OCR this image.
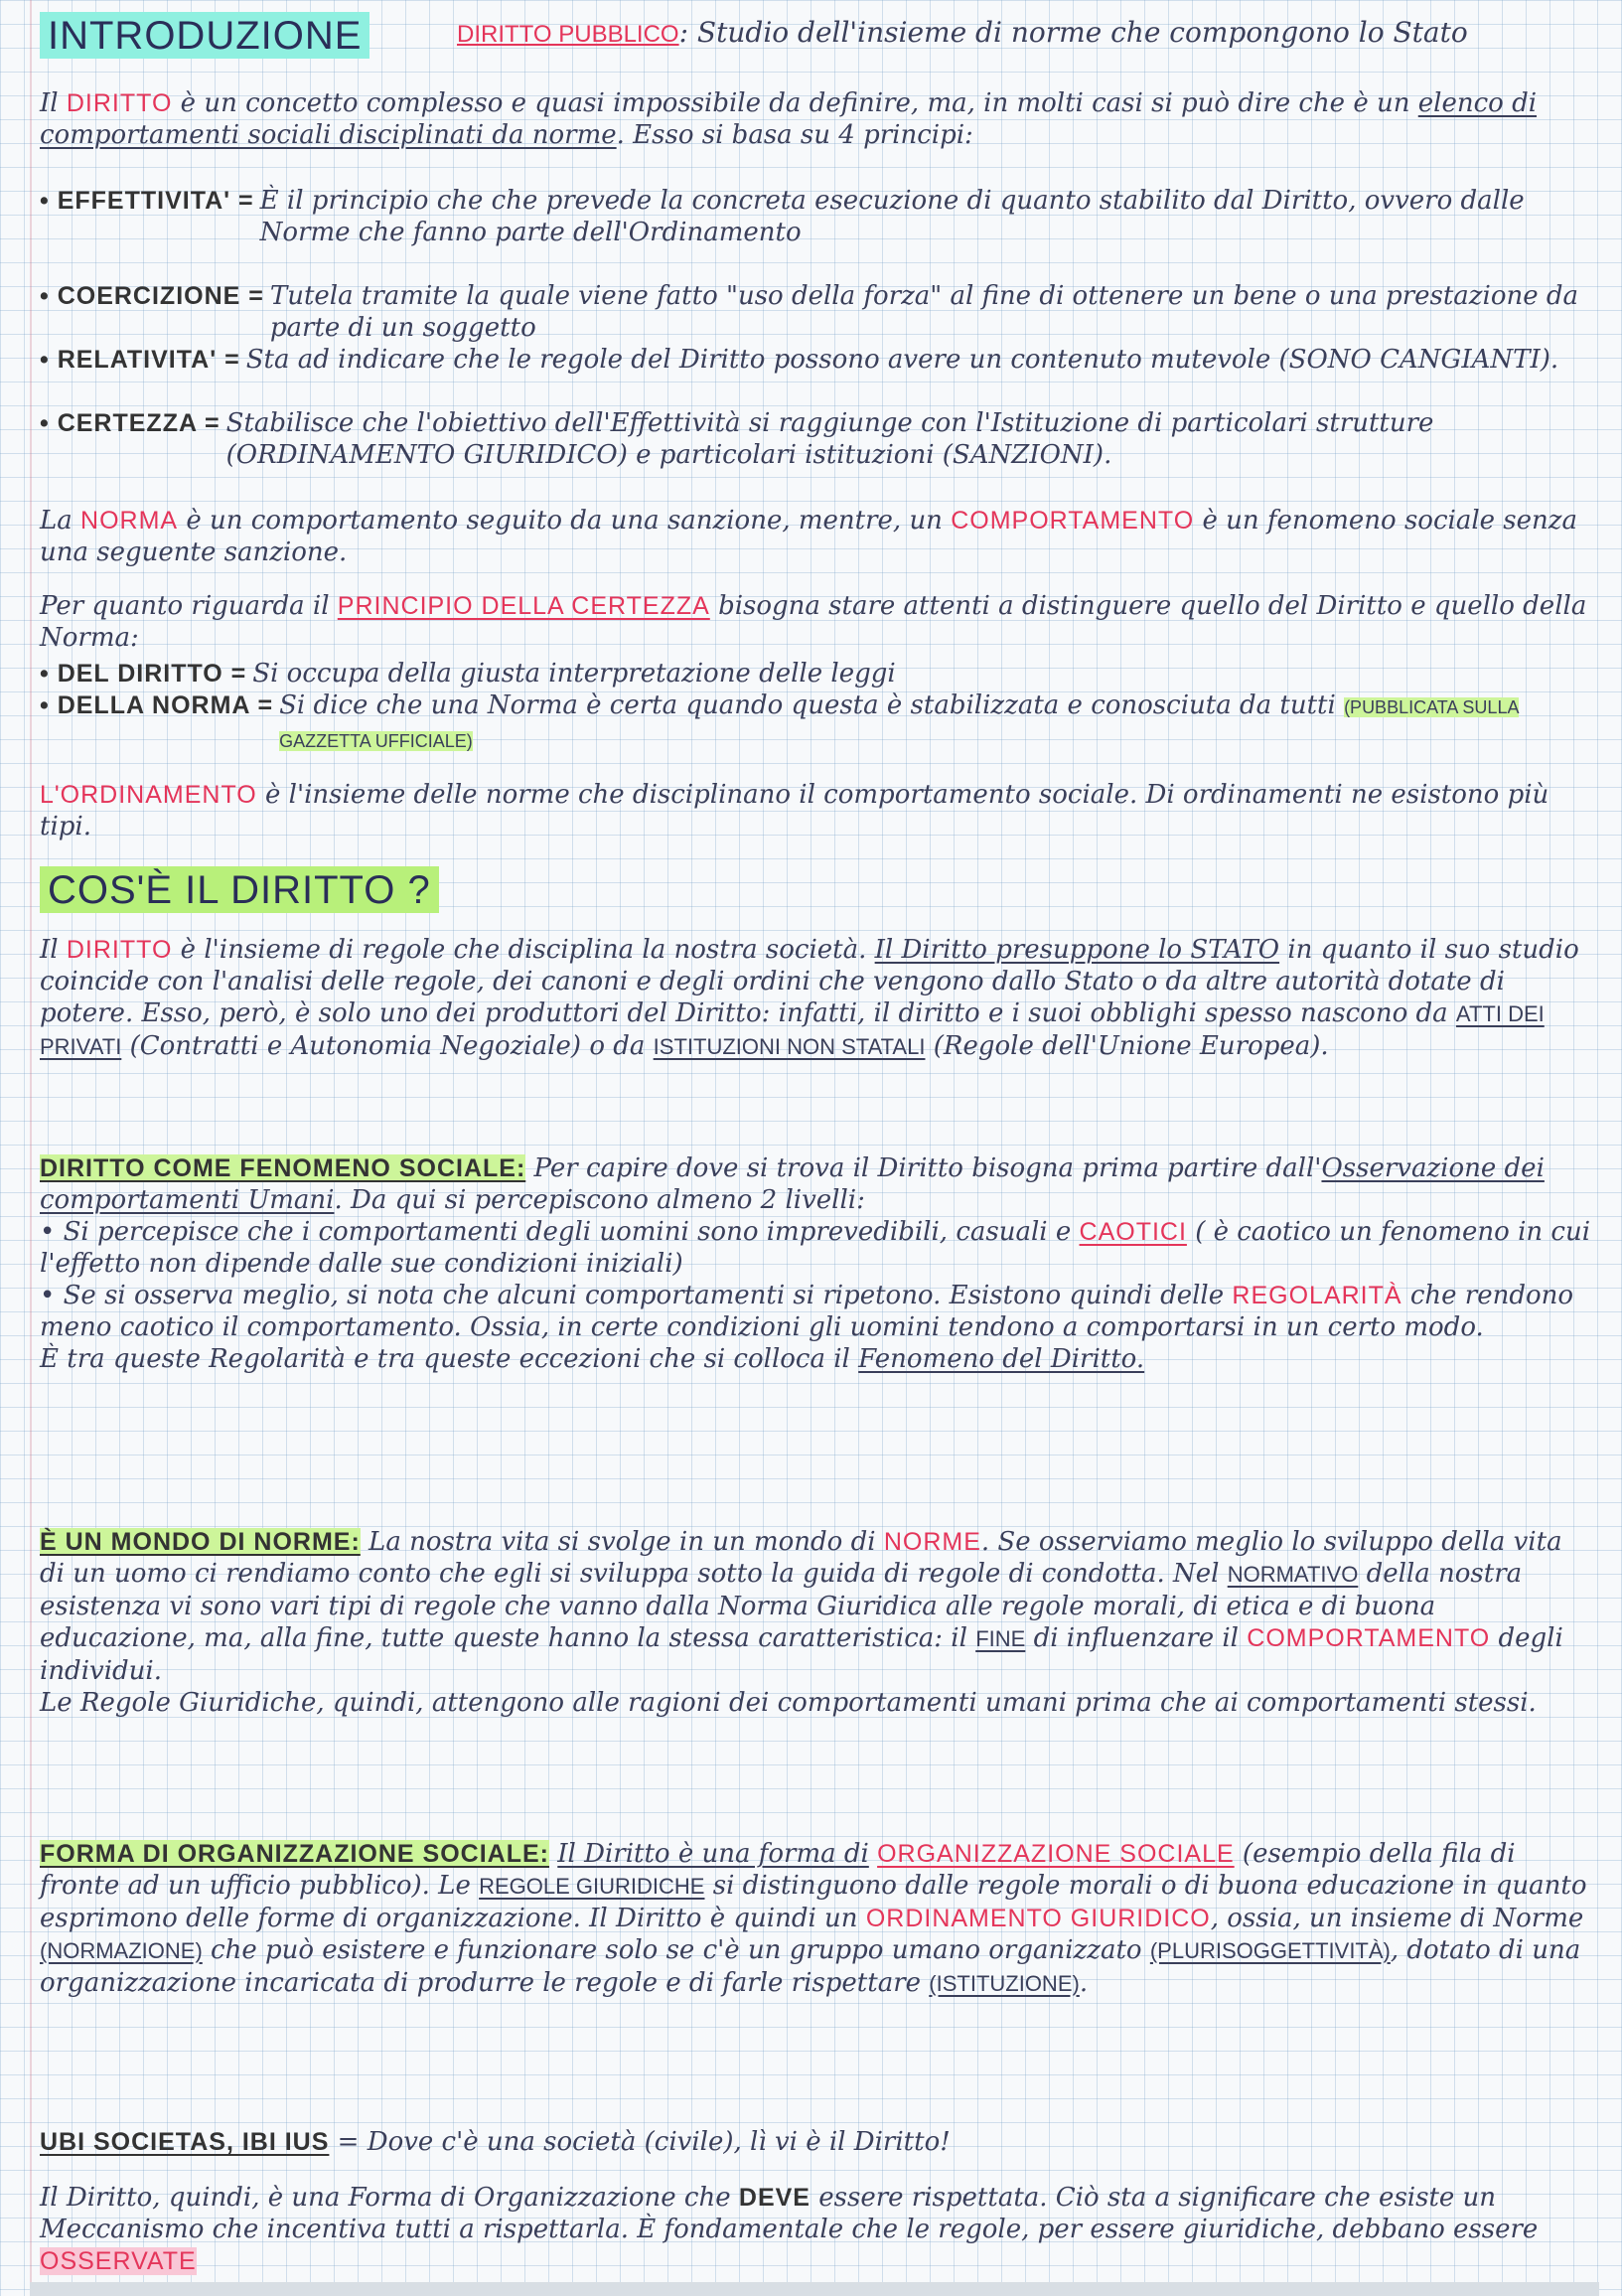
INTRODUZIONE	DIRITTO PUBBLICO: Studio dell'insieme di norme che compongono lo Stato

Il DIRITTO è un concetto complesso e quasi impossibile da definire, ma, in molti casi si può dire che è un elenco di comportamenti sociali disciplinati da norme. Esso si basa su 4 principi:

• EFFETTIVITA' = È il principio che che prevede la concreta esecuzione di quanto stabilito dal Diritto, ovvero dalle Norme che fanno parte dell'Ordinamento
• COERCIZIONE = Tutela tramite la quale viene fatto "uso della forza" al fine di ottenere un bene o una prestazione da parte di un soggetto
• RELATIVITA' = Sta ad indicare che le regole del Diritto possono avere un contenuto mutevole (SONO CANGIANTI).
• CERTEZZA = Stabilisce che l'obiettivo dell'Effettività si raggiunge con l'Istituzione di particolari strutture (ORDINAMENTO GIURIDICO) e particolari istituzioni (SANZIONI).

La NORMA è un comportamento seguito da una sanzione, mentre, un COMPORTAMENTO è un fenomeno sociale senza una seguente sanzione.

Per quanto riguarda il PRINCIPIO DELLA CERTEZZA bisogna stare attenti a distinguere quello del Diritto e quello della Norma:

• DEL DIRITTO = Si occupa della giusta interpretazione delle leggi
• DELLA NORMA = Si dice che una Norma è certa quando questa è stabilizzata e conosciuta da tutti (PUBBLICATA SULLA GAZZETTA UFFICIALE)

L'ORDINAMENTO è l'insieme delle norme che disciplinano il comportamento sociale. Di ordinamenti ne esistono più tipi.

COS'È IL DIRITTO ?

Il DIRITTO è l'insieme di regole che disciplina la nostra società. Il Diritto presuppone lo STATO in quanto il suo studio coincide con l'analisi delle regole, dei canoni e degli ordini che vengono dallo Stato o da altre autorità dotate di potere. Esso, però, è solo uno dei produttori del Diritto: infatti, il diritto e i suoi obblighi spesso nascono da ATTI DEI PRIVATI (Contratti e Autonomia Negoziale) o da ISTITUZIONI NON STATALI (Regole dell'Unione Europea).

DIRITTO COME FENOMENO SOCIALE: Per capire dove si trova il Diritto bisogna prima partire dall'Osservazione dei comportamenti Umani. Da qui si percepiscono almeno 2 livelli:

• Si percepisce che i comportamenti degli uomini sono imprevedibili, casuali e CAOTICI ( è caotico un fenomeno in cui l'effetto non dipende dalle sue condizioni iniziali)

• Se si osserva meglio, si nota che alcuni comportamenti si ripetono. Esistono quindi delle REGOLARITÀ che rendono meno caotico il comportamento. Ossia, in certe condizioni gli uomini tendono a comportarsi in un certo modo.

È tra queste Regolarità e tra queste eccezioni che si colloca il Fenomeno del Diritto.

È UN MONDO DI NORME: La nostra vita si svolge in un mondo di NORME. Se osserviamo meglio lo sviluppo della vita di un uomo ci rendiamo conto che egli si sviluppa sotto la guida di regole di condotta. Nel NORMATIVO della nostra esistenza vi sono vari tipi di regole che vanno dalla Norma Giuridica alle regole morali, di etica e di buona educazione, ma, alla fine, tutte queste hanno la stessa caratteristica: il FINE di influenzare il COMPORTAMENTO degli individui.

Le Regole Giuridiche, quindi, attengono alle ragioni dei comportamenti umani prima che ai comportamenti stessi.

FORMA DI ORGANIZZAZIONE SOCIALE: Il Diritto è una forma di ORGANIZZAZIONE SOCIALE (esempio della fila di fronte ad un ufficio pubblico). Le REGOLE GIURIDICHE si distinguono dalle regole morali o di buona educazione in quanto esprimono delle forme di organizzazione. Il Diritto è quindi un ORDINAMENTO GIURIDICO, ossia, un insieme di Norme (NORMAZIONE) che può esistere e funzionare solo se c'è un gruppo umano organizzato (PLURISOGGETTIVITÀ), dotato di una organizzazione incaricata di produrre le regole e di farle rispettare (ISTITUZIONE).

UBI SOCIETAS, IBI IUS = Dove c'è una società (civile), lì vi è il Diritto!

Il Diritto, quindi, è una Forma di Organizzazione che DEVE essere rispettata. Ciò sta a significare che esiste un Meccanismo che incentiva tutti a rispettarla. È fondamentale che le regole, per essere giuridiche, debbano essere OSSERVATE
